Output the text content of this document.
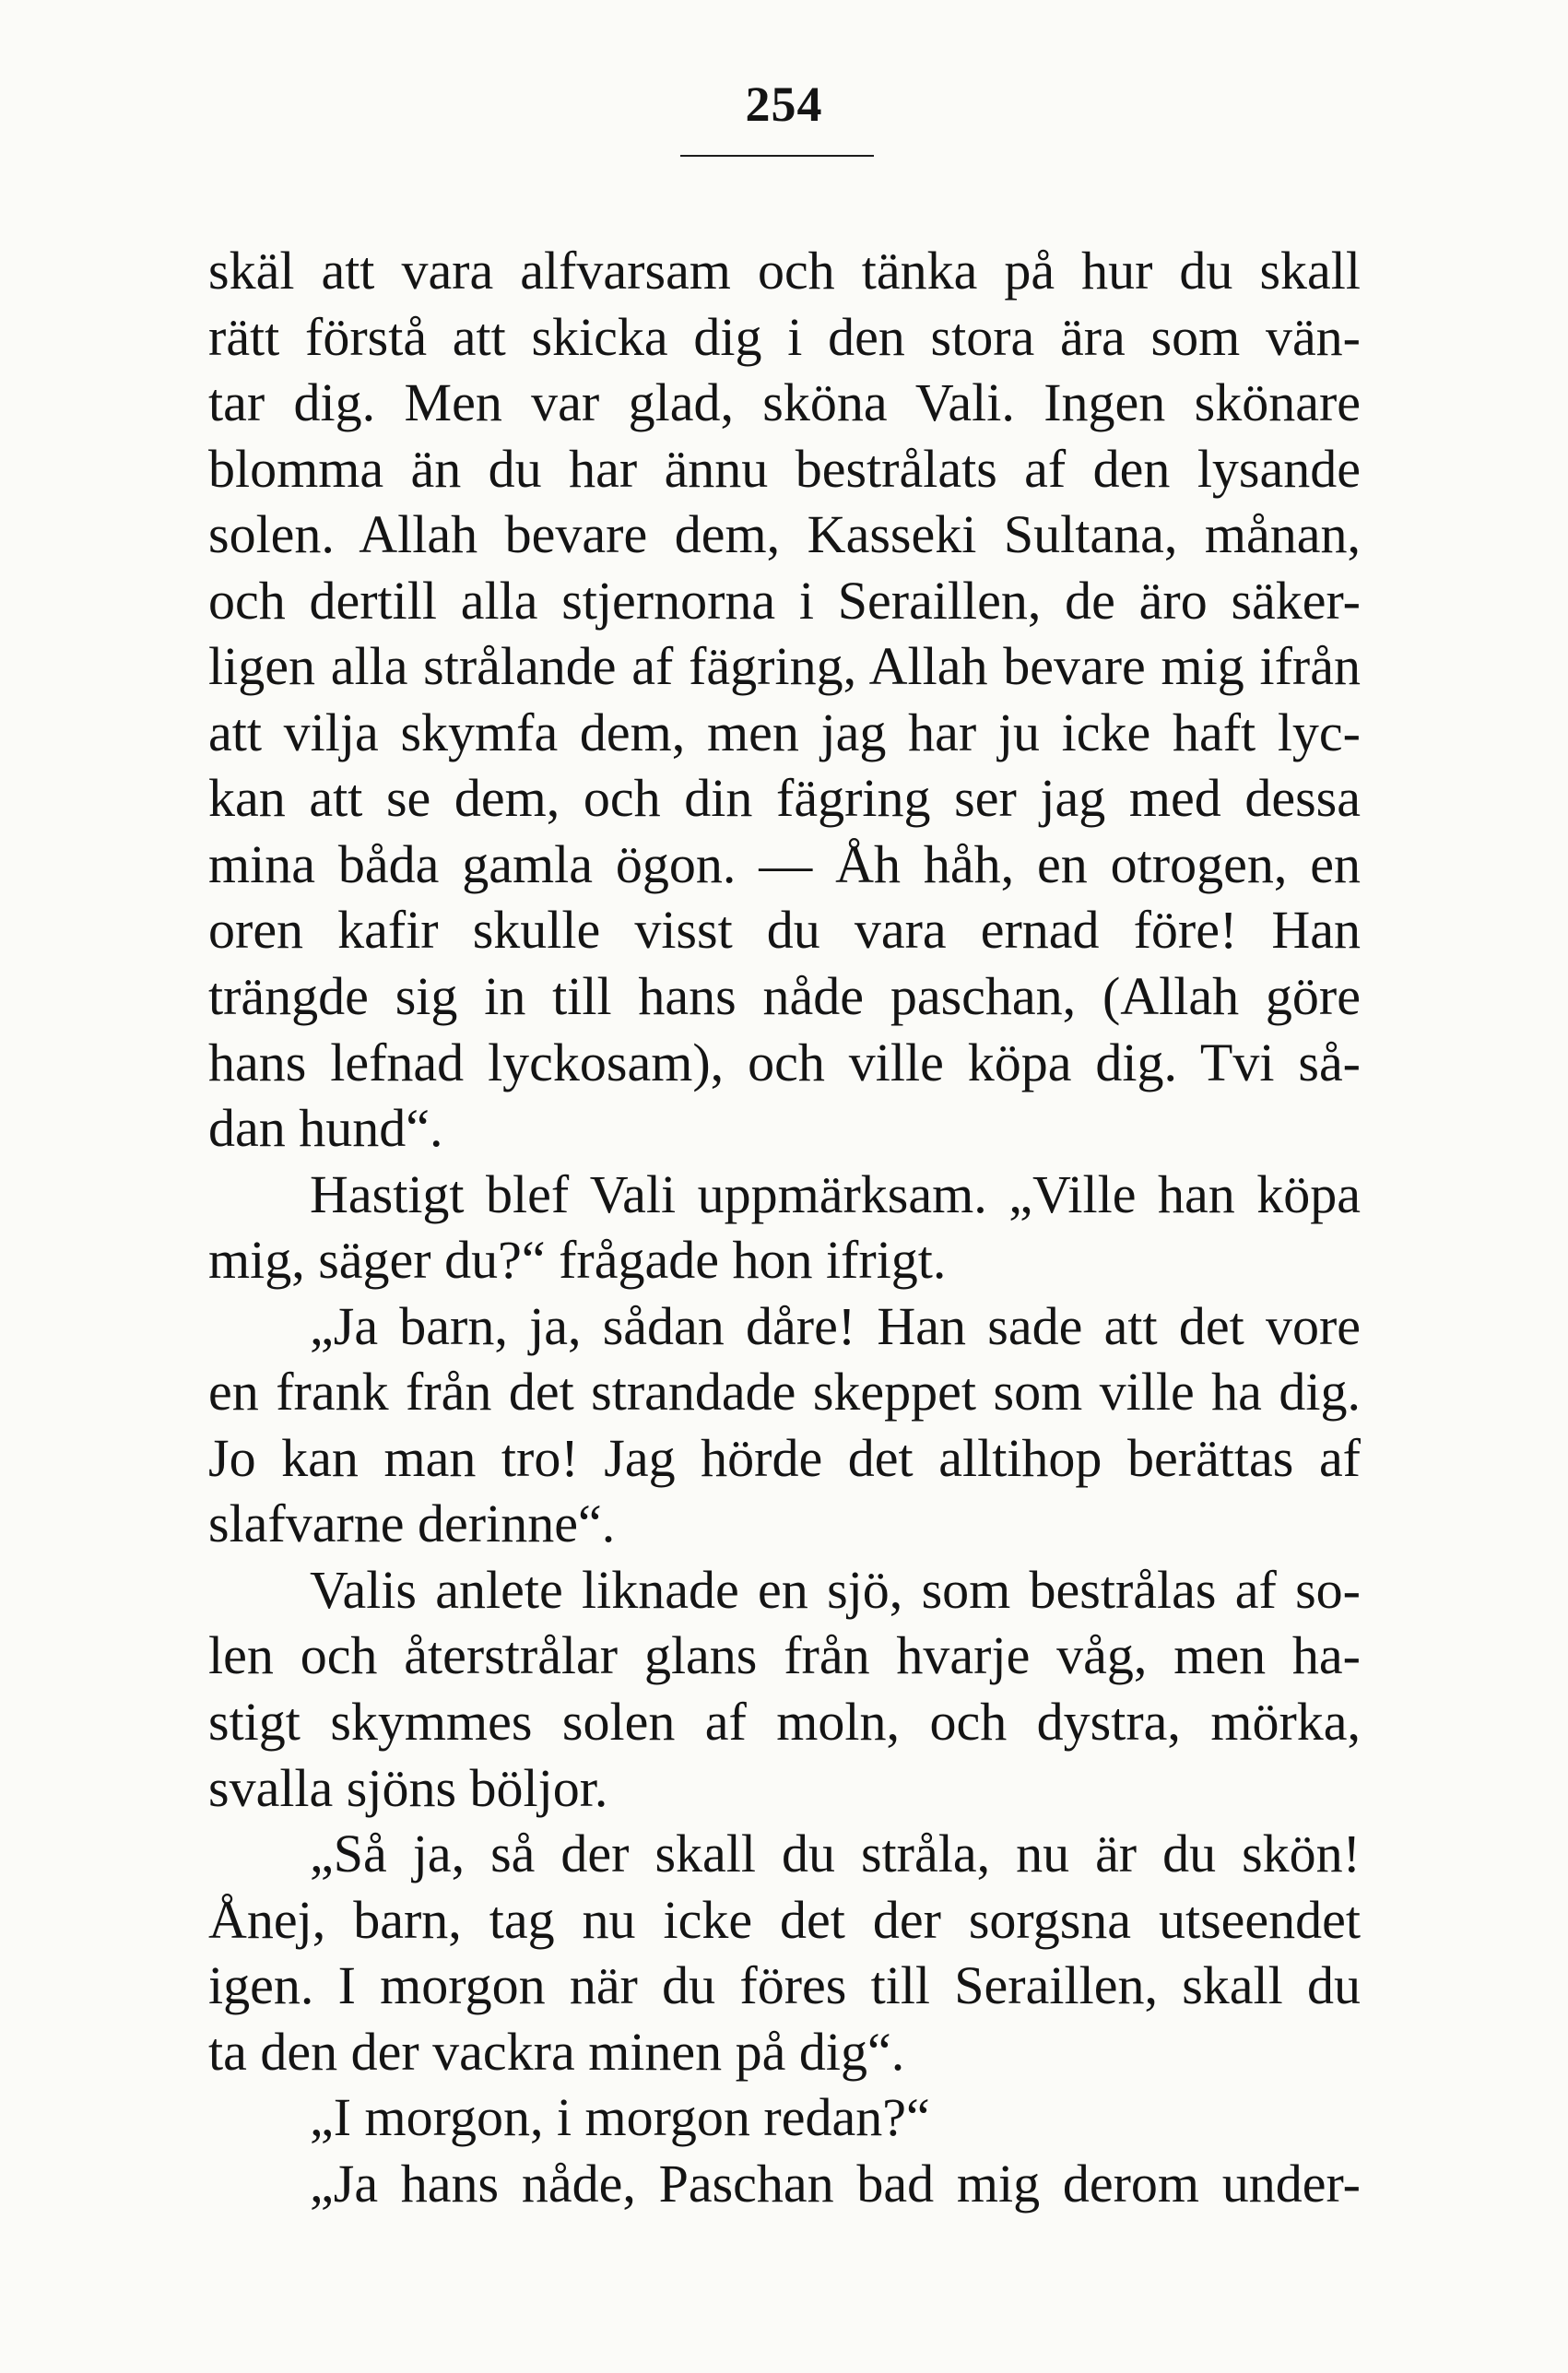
254
skäl att vara alfvarsam och tänka på hur du skall
rätt förstå att skicka dig i den stora ära som vän-
tar dig. Men var glad, sköna Vali. Ingen skönare
blomma än du har ännu bestrålats af den lysande
solen. Allah bevare dem, Kasseki Sultana, månan,
och dertill alla stjernorna i Seraillen, de äro säker-
ligen alla strålande af fägring, Allah bevare mig ifrån
att vilja skymfa dem, men jag har ju icke haft lyc-
kan att se dem, och din fägring ser jag med dessa
mina båda gamla ögon. — Åh håh, en otrogen, en
oren kafir skulle visst du vara ernad före! Han
trängde sig in till hans nåde paschan, (Allah göre
hans lefnad lyckosam), och ville köpa dig. Tvi så-
dan hund“.
Hastigt blef Vali uppmärksam. „Ville han köpa
mig, säger du?“ frågade hon ifrigt.
„Ja barn, ja, sådan dåre! Han sade att det vore
en frank från det strandade skeppet som ville ha dig.
Jo kan man tro! Jag hörde det alltihop berättas af
slafvarne derinne“.
Valis anlete liknade en sjö, som bestrålas af so-
len och återstrålar glans från hvarje våg, men ha-
stigt skymmes solen af moln, och dystra, mörka,
svalla sjöns böljor.
„Så ja, så der skall du stråla, nu är du skön!
Ånej, barn, tag nu icke det der sorgsna utseendet
igen. I morgon när du föres till Seraillen, skall du
ta den der vackra minen på dig“.
„I morgon, i morgon redan?“
„Ja hans nåde, Paschan bad mig derom under-
